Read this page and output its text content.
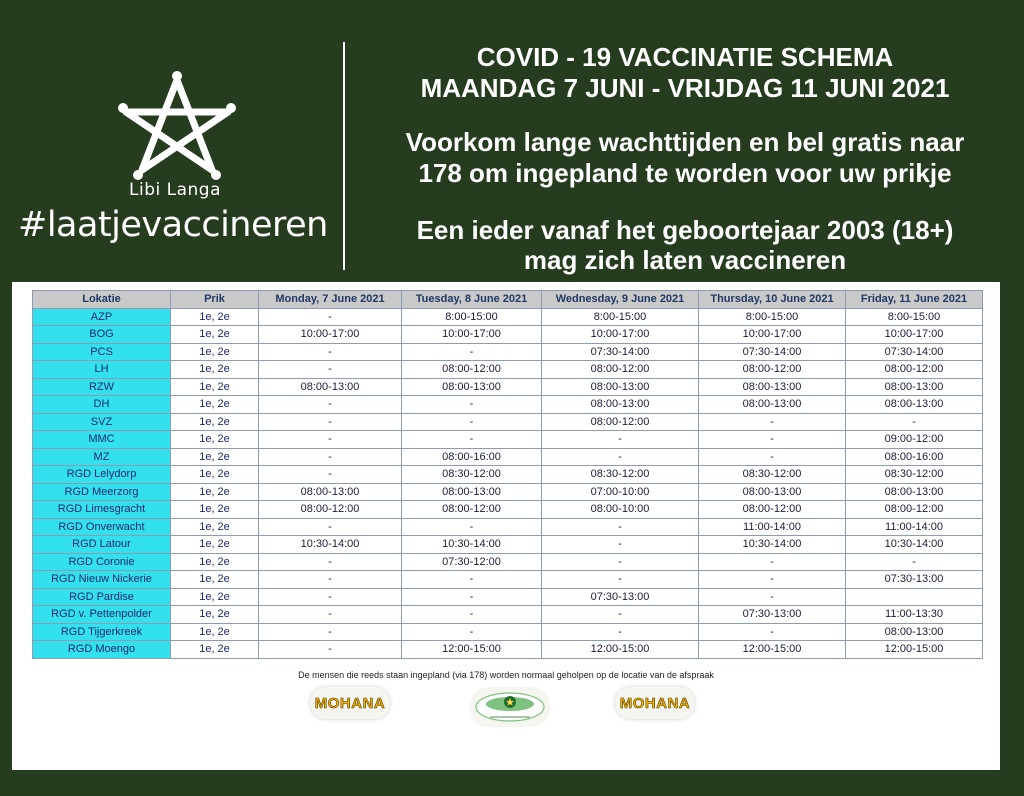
Libi Langa
#laatjevaccineren
COVID - 19 VACCINATIE SCHEMA
MAANDAG 7 JUNI - VRIJDAG 11 JUNI 2021
Voorkom lange wachttijden en bel gratis naar
178 om ingepland te worden voor uw prikje
Een ieder vanaf het geboortejaar 2003 (18+)
mag zich laten vaccineren
Lokatie	Prik	Monday, 7 June 2021	Tuesday, 8 June 2021	Wednesday, 9 June 2021	Thursday, 10 June 2021	Friday, 11 June 2021
AZP	1e, 2e	-	8:00-15:00	8:00-15:00	8:00-15:00	8:00-15:00
BOG	1e, 2e	10:00-17:00	10:00-17:00	10:00-17:00	10:00-17:00	10:00-17:00
PCS	1e, 2e	-	-	07:30-14:00	07:30-14:00	07:30-14:00
LH	1e, 2e	-	08:00-12:00	08:00-12:00	08:00-12:00	08:00-12:00
RZW	1e, 2e	08:00-13:00	08:00-13:00	08:00-13:00	08:00-13:00	08:00-13:00
DH	1e, 2e	-	-	08:00-13:00	08:00-13:00	08:00-13:00
SVZ	1e, 2e	-	-	08:00-12:00	-	-
MMC	1e, 2e	-	-	-	-	09:00-12:00
MZ	1e, 2e	-	08:00-16:00	-	-	08:00-16:00
RGD Lelydorp	1e, 2e	-	08:30-12:00	08:30-12:00	08:30-12:00	08:30-12:00
RGD Meerzorg	1e, 2e	08:00-13:00	08:00-13:00	07:00-10:00	08:00-13:00	08:00-13:00
RGD Limesgracht	1e, 2e	08:00-12:00	08:00-12:00	08:00-10:00	08:00-12:00	08:00-12:00
RGD Onverwacht	1e, 2e	-	-	-	11:00-14:00	11:00-14:00
RGD Latour	1e, 2e	10:30-14:00	10:30-14:00	-	10:30-14:00	10:30-14:00
RGD Coronie	1e, 2e	-	07:30-12:00	-	-	-
RGD Nieuw Nickerie	1e, 2e	-	-	-	-	07:30-13:00
RGD Pardise	1e, 2e	-	-	07:30-13:00	-	
RGD v. Pettenpolder	1e, 2e	-	-	-	07:30-13:00	11:00-13:30
RGD Tijgerkreek	1e, 2e	-	-	-	-	08:00-13:00
RGD Moengo	1e, 2e	-	12:00-15:00	12:00-15:00	12:00-15:00	12:00-15:00
De mensen die reeds staan ingepland (via 178) worden normaal geholpen op de locatie van de afspraak
MOHANA	MOHANA
